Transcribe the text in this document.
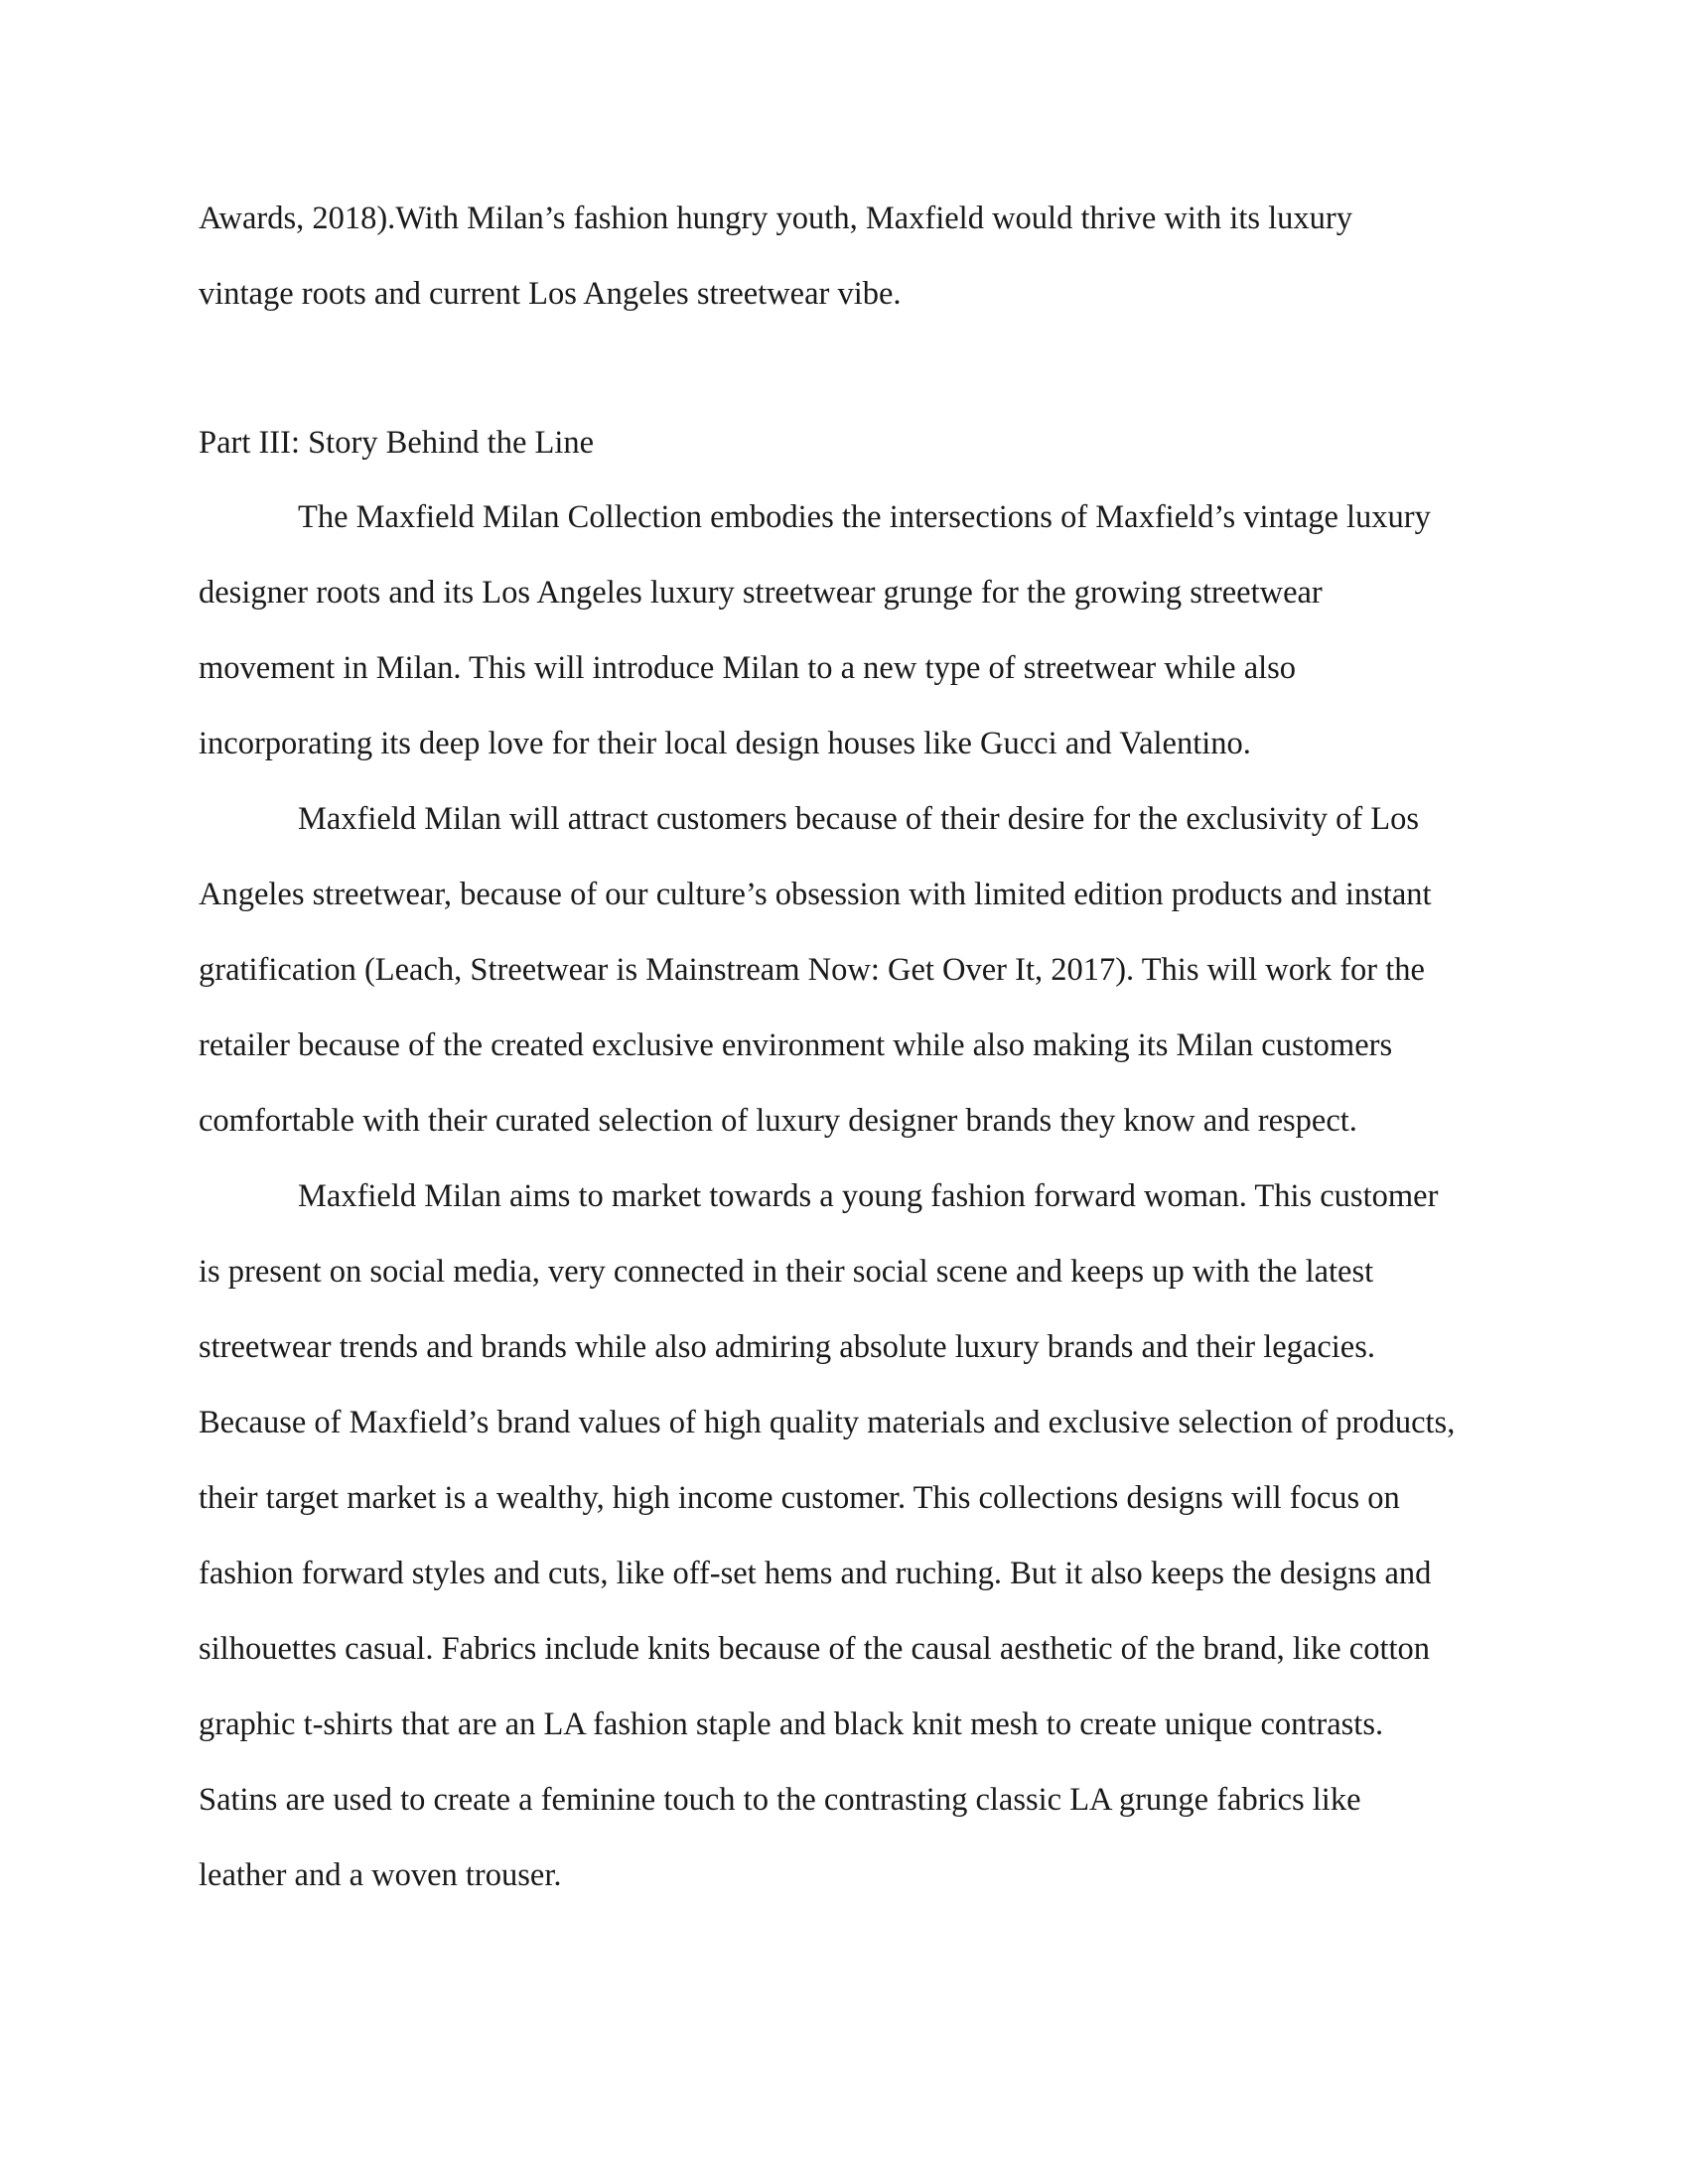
Awards, 2018).With Milan’s fashion hungry youth, Maxfield would thrive with its luxury

vintage roots and current Los Angeles streetwear vibe.

Part III: Story Behind the Line

The Maxfield Milan Collection embodies the intersections of Maxfield’s vintage luxury

designer roots and its Los Angeles luxury streetwear grunge for the growing streetwear

movement in Milan. This will introduce Milan to a new type of streetwear while also

incorporating its deep love for their local design houses like Gucci and Valentino.

Maxfield Milan will attract customers because of their desire for the exclusivity of Los

Angeles streetwear, because of our culture’s obsession with limited edition products and instant

gratification (Leach, Streetwear is Mainstream Now: Get Over It, 2017). This will work for the

retailer because of the created exclusive environment while also making its Milan customers

comfortable with their curated selection of luxury designer brands they know and respect.

Maxfield Milan aims to market towards a young fashion forward woman. This customer

is present on social media, very connected in their social scene and keeps up with the latest

streetwear trends and brands while also admiring absolute luxury brands and their legacies.

Because of Maxfield’s brand values of high quality materials and exclusive selection of products,

their target market is a wealthy, high income customer. This collections designs will focus on

fashion forward styles and cuts, like off-set hems and ruching. But it also keeps the designs and

silhouettes casual. Fabrics include knits because of the causal aesthetic of the brand, like cotton

graphic t-shirts that are an LA fashion staple and black knit mesh to create unique contrasts.

Satins are used to create a feminine touch to the contrasting classic LA grunge fabrics like

leather and a woven trouser.
